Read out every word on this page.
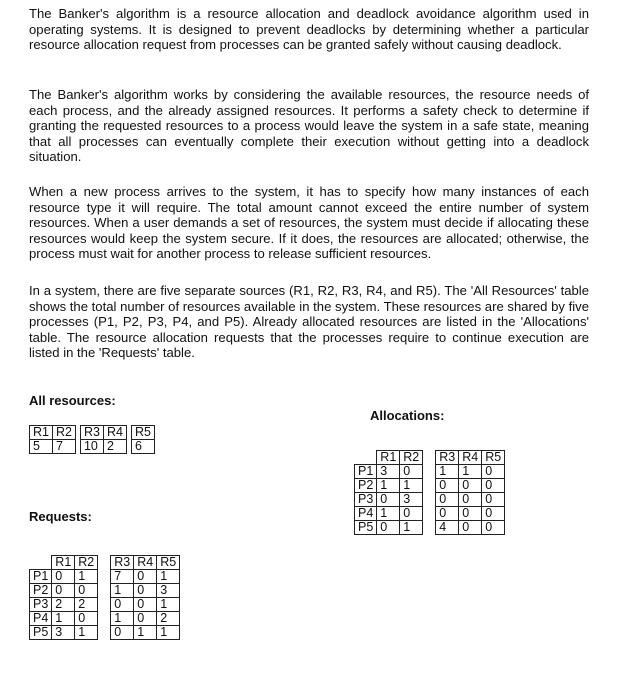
The Banker's algorithm is a resource allocation and deadlock avoidance algorithm used in operating systems. It is designed to prevent deadlocks by determining whether a particular resource allocation request from processes can be granted safely without causing deadlock.

The Banker's algorithm works by considering the available resources, the resource needs of each process, and the already assigned resources. It performs a safety check to determine if granting the requested resources to a process would leave the system in a safe state, meaning that all processes can eventually complete their execution without getting into a deadlock situation.

When a new process arrives to the system, it has to specify how many instances of each resource type it will require. The total amount cannot exceed the entire number of system resources. When a user demands a set of resources, the system must decide if allocating these resources would keep the system secure. If it does, the resources are allocated; otherwise, the process must wait for another process to release sufficient resources.

In a system, there are five separate sources (R1, R2, R3, R4, and R5). The 'All Resources' table shows the total number of resources available in the system. These resources are shared by five processes (P1, P2, P3, P4, and P5). Already allocated resources are listed in the 'Allocations' table. The resource allocation requests that the processes require to continue execution are listed in the 'Requests' table.

All resources:
Allocations:
Requests:
R1	R2		R3	R4		R5
5	7		10	2		6
	R1	R2		R3	R4	R5
P1	3	0		1	1	0
P2	1	1		0	0	0
P3	0	3		0	0	0
P4	1	0		0	0	0
P5	0	1		4	0	0
	R1	R2		R3	R4	R5
P1	0	1		7	0	1
P2	0	0		1	0	3
P3	2	2		0	0	1
P4	1	0		1	0	2
P5	3	1		0	1	1
